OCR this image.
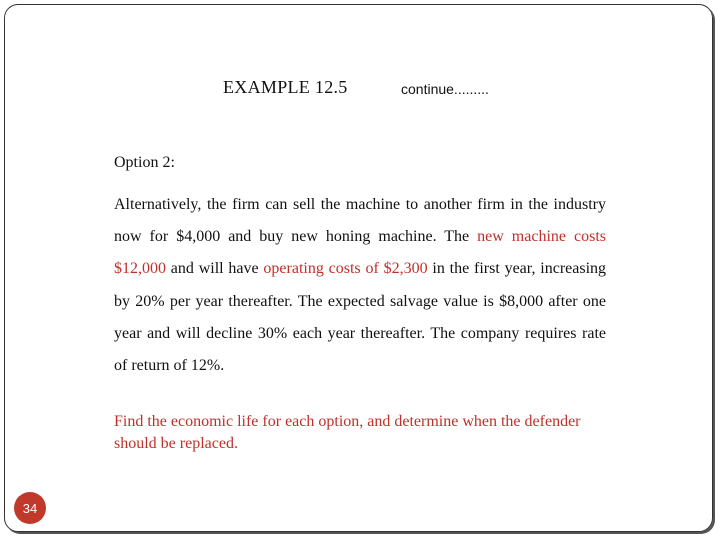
EXAMPLE 12.5	continue.........
Option 2:
Alternatively, the firm can sell the machine to another firm in the industry now for $4,000 and buy new honing machine. The new machine costs $12,000 and will have operating costs of $2,300 in the first year, increasing by 20% per year thereafter. The expected salvage value is $8,000 after one year and will decline 30% each year thereafter. The company requires rate of return of 12%.
Find the economic life for each option, and determine when the defender should be replaced.
34
